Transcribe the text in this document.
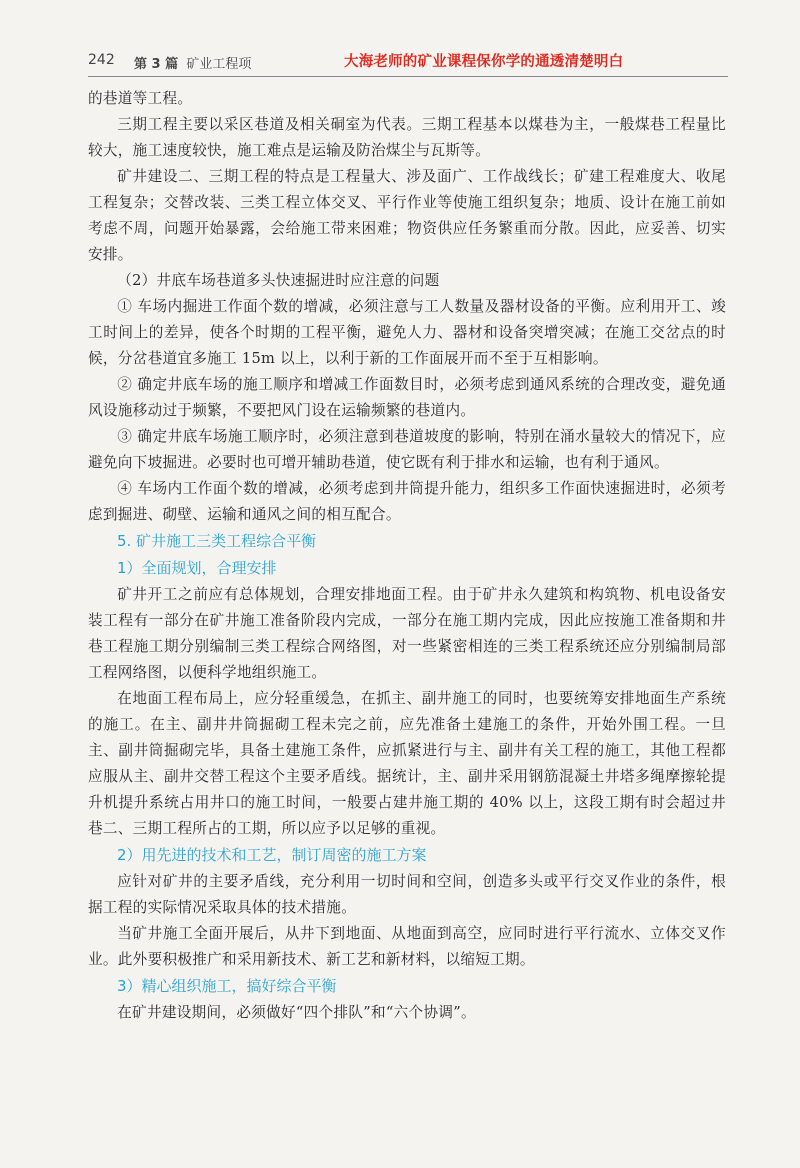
242 第 3 篇 矿业工程项	大海老师的矿业课程保你学的通透清楚明白

的巷道等工程。

三期工程主要以采区巷道及相关硐室为代表。三期工程基本以煤巷为主，一般煤巷工程量比较大，施工速度较快，施工难点是运输及防治煤尘与瓦斯等。

矿井建设二、三期工程的特点是工程量大、涉及面广、工作战线长；矿建工程难度大、收尾工程复杂；交替改装、三类工程立体交叉、平行作业等使施工组织复杂；地质、设计在施工前如考虑不周，问题开始暴露，会给施工带来困难；物资供应任务繁重而分散。因此，应妥善、切实安排。

（2）井底车场巷道多头快速掘进时应注意的问题

① 车场内掘进工作面个数的增减，必须注意与工人数量及器材设备的平衡。应利用开工、竣工时间上的差异，使各个时期的工程平衡，避免人力、器材和设备突增突减；在施工交岔点的时候，分岔巷道宜多施工 15m 以上，以利于新的工作面展开而不至于互相影响。

② 确定井底车场的施工顺序和增减工作面数目时，必须考虑到通风系统的合理改变，避免通风设施移动过于频繁，不要把风门设在运输频繁的巷道内。

③ 确定井底车场施工顺序时，必须注意到巷道坡度的影响，特别在涌水量较大的情况下，应避免向下坡掘进。必要时也可增开辅助巷道，使它既有利于排水和运输，也有利于通风。

④ 车场内工作面个数的增减，必须考虑到井筒提升能力，组织多工作面快速掘进时，必须考虑到掘进、砌壁、运输和通风之间的相互配合。

5. 矿井施工三类工程综合平衡
1）全面规划，合理安排

矿井开工之前应有总体规划，合理安排地面工程。由于矿井永久建筑和构筑物、机电设备安装工程有一部分在矿井施工准备阶段内完成，一部分在施工期内完成，因此应按施工准备期和井巷工程施工期分别编制三类工程综合网络图，对一些紧密相连的三类工程系统还应分别编制局部工程网络图，以便科学地组织施工。

在地面工程布局上，应分轻重缓急，在抓主、副井施工的同时，也要统筹安排地面生产系统的施工。在主、副井井筒掘砌工程未完之前，应先准备土建施工的条件，开始外围工程。一旦主、副井筒掘砌完毕，具备土建施工条件，应抓紧进行与主、副井有关工程的施工，其他工程都应服从主、副井交替工程这个主要矛盾线。据统计，主、副井采用钢筋混凝土井塔多绳摩擦轮提升机提升系统占用井口的施工时间，一般要占建井施工期的 40% 以上，这段工期有时会超过井巷二、三期工程所占的工期，所以应予以足够的重视。

2）用先进的技术和工艺，制订周密的施工方案

应针对矿井的主要矛盾线，充分利用一切时间和空间，创造多头或平行交叉作业的条件，根据工程的实际情况采取具体的技术措施。

当矿井施工全面开展后，从井下到地面、从地面到高空，应同时进行平行流水、立体交叉作业。此外要积极推广和采用新技术、新工艺和新材料，以缩短工期。

3）精心组织施工，搞好综合平衡

在矿井建设期间，必须做好“四个排队”和“六个协调”。
